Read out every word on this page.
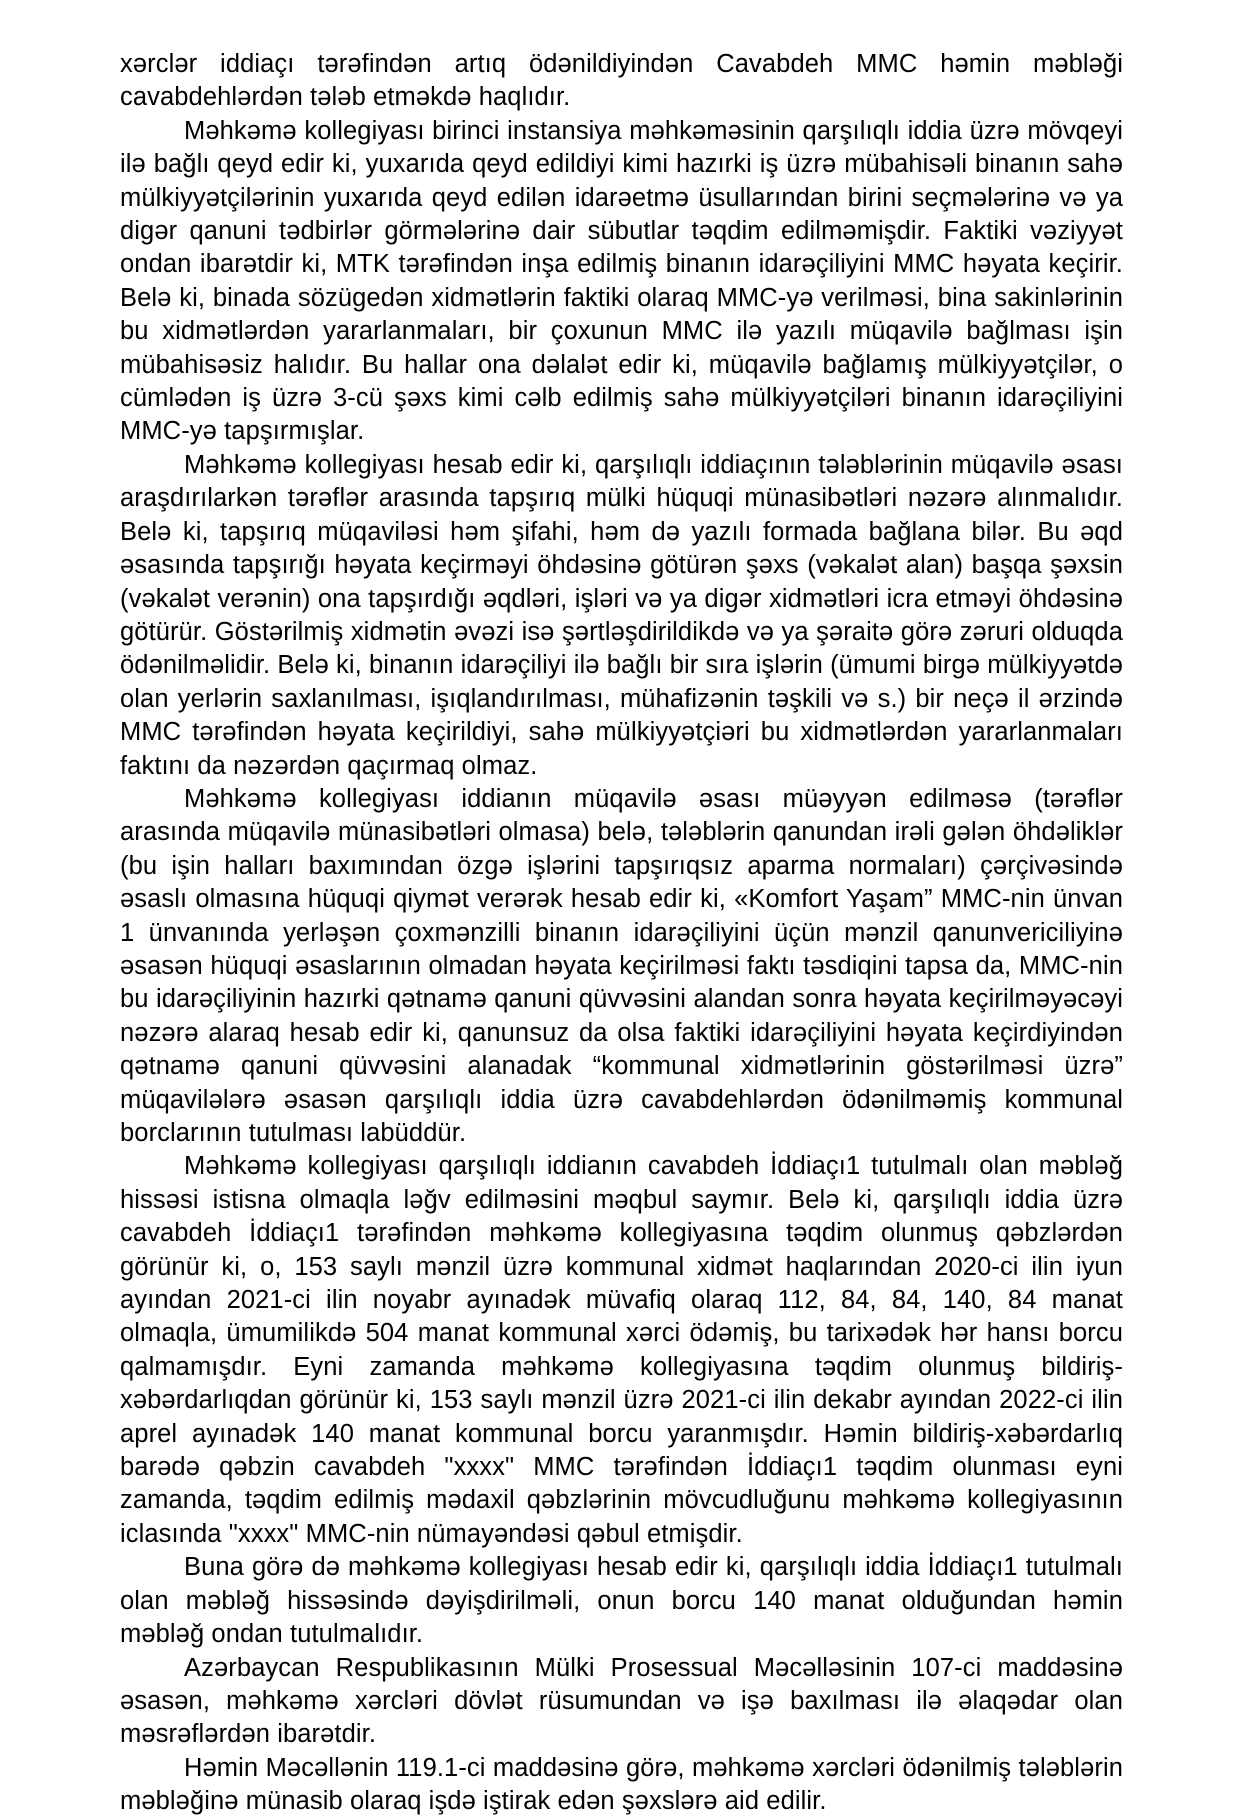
xərclər iddiaçı tərəfindən artıq ödənildiyindən Cavabdeh MMC həmin məbləği cavabdehlərdən tələb etməkdə haqlıdır.

Məhkəmə kollegiyası birinci instansiya məhkəməsinin qarşılıqlı iddia üzrə mövqeyi ilə bağlı qeyd edir ki, yuxarıda qeyd edildiyi kimi hazırki iş üzrə mübahisəli binanın sahə mülkiyyətçilərinin yuxarıda qeyd edilən idarəetmə üsullarından birini seçmələrinə və ya digər qanuni tədbirlər görmələrinə dair sübutlar təqdim edilməmişdir. Faktiki vəziyyət ondan ibarətdir ki, MTK tərəfindən inşa edilmiş binanın idarəçiliyini MMC həyata keçirir. Belə ki, binada sözügedən xidmətlərin faktiki olaraq MMC-yə verilməsi, bina sakinlərinin bu xidmətlərdən yararlanmaları, bir çoxunun MMC ilə yazılı müqavilə bağlması işin mübahisəsiz halıdır. Bu hallar ona dəlalət edir ki, müqavilə bağlamış mülkiyyətçilər, o cümlədən iş üzrə 3-cü şəxs kimi cəlb edilmiş sahə mülkiyyətçiləri binanın idarəçiliyini MMC-yə tapşırmışlar.

Məhkəmə kollegiyası hesab edir ki, qarşılıqlı iddiaçının tələblərinin müqavilə əsası araşdırılarkən tərəflər arasında tapşırıq mülki hüquqi münasibətləri nəzərə alınmalıdır. Belə ki, tapşırıq müqaviləsi həm şifahi, həm də yazılı formada bağlana bilər. Bu əqd əsasında tapşırığı həyata keçirməyi öhdəsinə götürən şəxs (vəkalət alan) başqa şəxsin (vəkalət verənin) ona tapşırdığı əqdləri, işləri və ya digər xidmətləri icra etməyi öhdəsinə götürür. Göstərilmiş xidmətin əvəzi isə şərtləşdirildikdə və ya şəraitə görə zəruri olduqda ödənilməlidir. Belə ki, binanın idarəçiliyi ilə bağlı bir sıra işlərin (ümumi birgə mülkiyyətdə olan yerlərin saxlanılması, işıqlandırılması, mühafizənin təşkili və s.) bir neçə il ərzində MMC tərəfindən həyata keçirildiyi, sahə mülkiyyətçiəri bu xidmətlərdən yararlanmaları faktını da nəzərdən qaçırmaq olmaz.

Məhkəmə kollegiyası iddianın müqavilə əsası müəyyən edilməsə (tərəflər arasında müqavilə münasibətləri olmasa) belə, tələblərin qanundan irəli gələn öhdəliklər (bu işin halları baxımından özgə işlərini tapşırıqsız aparma normaları) çərçivəsində əsaslı olmasına hüquqi qiymət verərək hesab edir ki, «Komfort Yaşam” MMC-nin ünvan 1 ünvanında yerləşən çoxmənzilli binanın idarəçiliyini üçün mənzil qanunvericiliyinə əsasən hüquqi əsaslarının olmadan həyata keçirilməsi faktı təsdiqini tapsa da, MMC-nin bu idarəçiliyinin hazırki qətnamə qanuni qüvvəsini alandan sonra həyata keçirilməyəcəyi nəzərə alaraq hesab edir ki, qanunsuz da olsa faktiki idarəçiliyini həyata keçirdiyindən qətnamə qanuni qüvvəsini alanadak “kommunal xidmətlərinin göstərilməsi üzrə” müqavilələrə əsasən qarşılıqlı iddia üzrə cavabdehlərdən ödənilməmiş kommunal borclarının tutulması labüddür.

Məhkəmə kollegiyası qarşılıqlı iddianın cavabdeh İddiaçı1 tutulmalı olan məbləğ hissəsi istisna olmaqla ləğv edilməsini məqbul saymır. Belə ki, qarşılıqlı iddia üzrə cavabdeh İddiaçı1 tərəfindən məhkəmə kollegiyasına təqdim olunmuş qəbzlərdən görünür ki, o, 153 saylı mənzil üzrə kommunal xidmət haqlarından 2020-ci ilin iyun ayından 2021-ci ilin noyabr ayınadək müvafiq olaraq 112, 84, 84, 140, 84 manat olmaqla, ümumilikdə 504 manat kommunal xərci ödəmiş, bu tarixədək hər hansı borcu qalmamışdır. Eyni zamanda məhkəmə kollegiyasına təqdim olunmuş bildiriş-xəbərdarlıqdan görünür ki, 153 saylı mənzil üzrə 2021-ci ilin dekabr ayından 2022-ci ilin aprel ayınadək 140 manat kommunal borcu yaranmışdır. Həmin bildiriş-xəbərdarlıq barədə qəbzin cavabdeh "xxxx" MMC tərəfindən İddiaçı1 təqdim olunması eyni zamanda, təqdim edilmiş mədaxil qəbzlərinin mövcudluğunu məhkəmə kollegiyasının iclasında "xxxx" MMC-nin nümayəndəsi qəbul etmişdir.

Buna görə də məhkəmə kollegiyası hesab edir ki, qarşılıqlı iddia İddiaçı1 tutulmalı olan məbləğ hissəsində dəyişdirilməli, onun borcu 140 manat olduğundan həmin məbləğ ondan tutulmalıdır.

Azərbaycan Respublikasının Mülki Prosessual Məcəlləsinin 107-ci maddəsinə əsasən, məhkəmə xərcləri dövlət rüsumundan və işə baxılması ilə əlaqədar olan məsrəflərdən ibarətdir.

Həmin Məcəllənin 119.1-ci maddəsinə görə, məhkəmə xərcləri ödənilmiş tələblərin məbləğinə münasib olaraq işdə iştirak edən şəxslərə aid edilir.
